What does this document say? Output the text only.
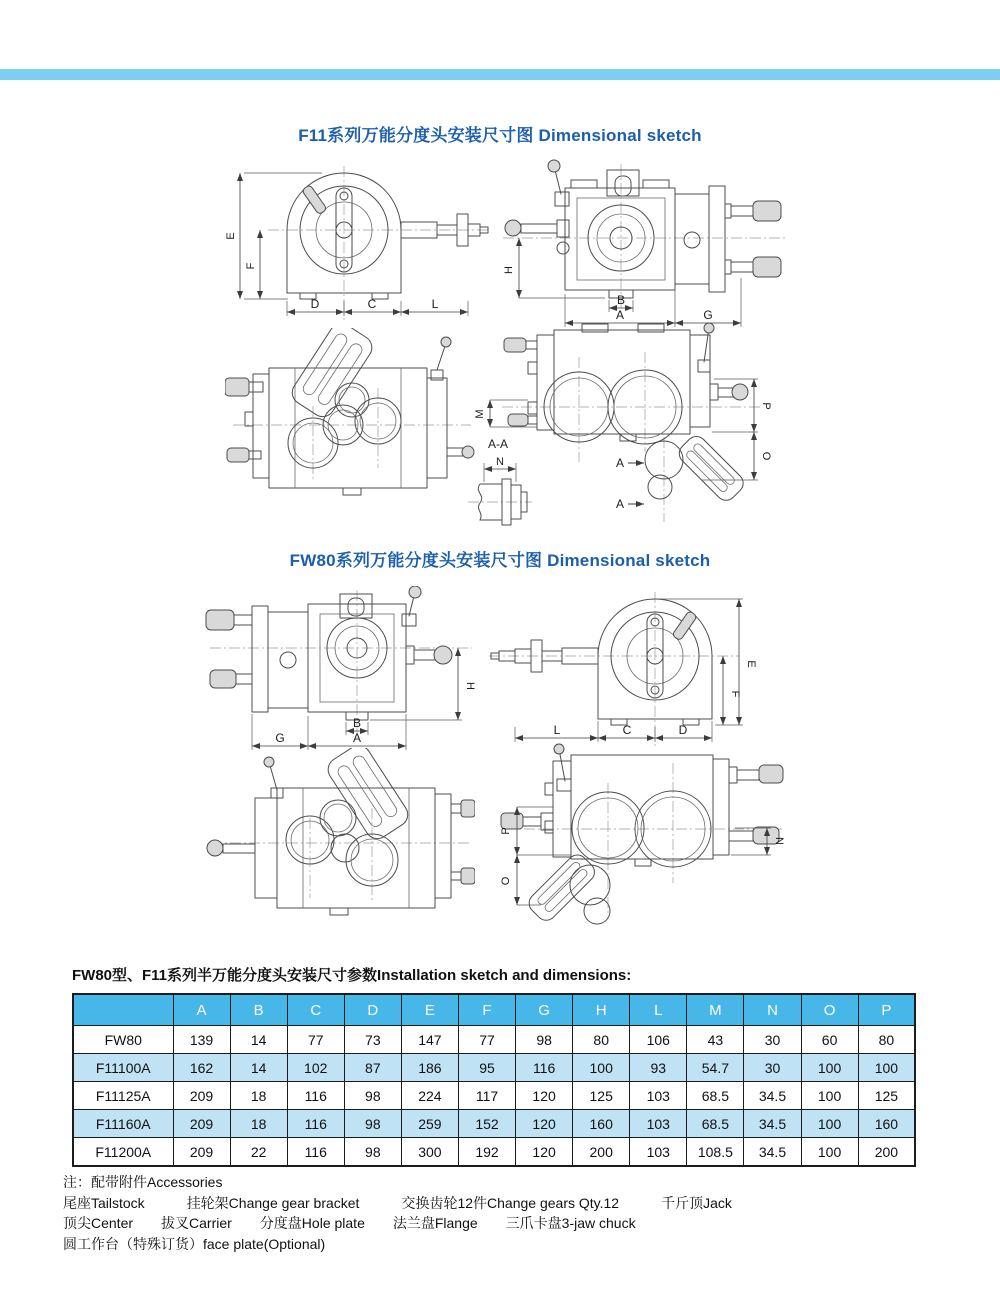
F11系列万能分度头安装尺寸图 Dimensional sketch
E
F
D	C	L
H
B
A	G
M
P
O
A
A
A-A
N
FW80系列万能分度头安装尺寸图 Dimensional sketch
H
B
G	A
E
F
L	C	D
P
O
N
FW80型、F11系列半万能分度头安装尺寸参数Installation sketch and dimensions:
	A	B	C	D	E	F	G	H	L	M	N	O	P
FW80	139	14	77	73	147	77	98	80	106	43	30	60	80
F11100A	162	14	102	87	186	95	116	100	93	54.7	30	100	100
F11125A	209	18	116	98	224	117	120	125	103	68.5	34.5	100	125
F11160A	209	18	116	98	259	152	120	160	103	68.5	34.5	100	160
F11200A	209	22	116	98	300	192	120	200	103	108.5	34.5	100	200
注：配带附件Accessories
尾座Tailstock	挂轮架Change gear bracket	交换齿轮12件Change gears Qty.12	千斤顶Jack
顶尖Center 拔叉Carrier 分度盘Hole plate 法兰盘Flange 三爪卡盘3-jaw chuck
圆工作台（特殊订货）face plate(Optional)
